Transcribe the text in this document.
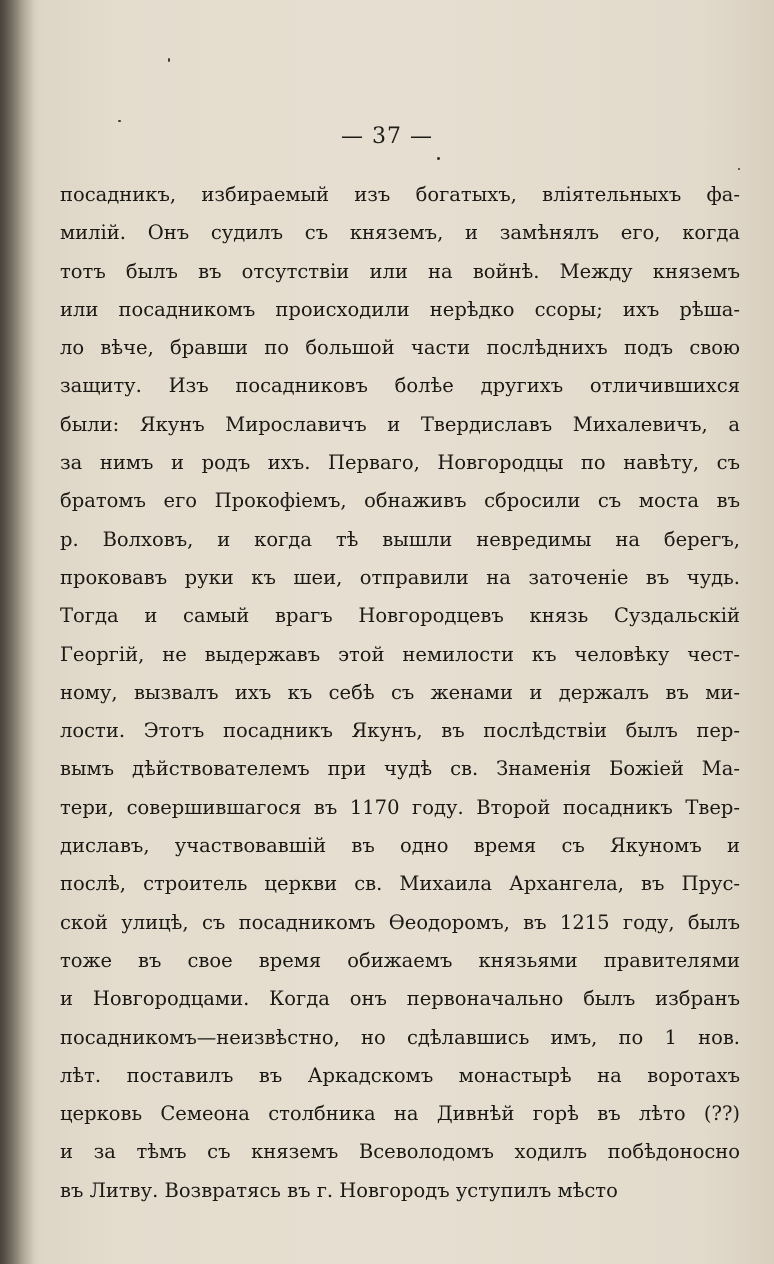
— 37 —
посадникъ, избираемый изъ богатыхъ, вліятельныхъ фа-
милій. Онъ судилъ съ княземъ, и замѣнялъ его, когда
тотъ былъ въ отсутствіи или на войнѣ. Между княземъ
или посадникомъ происходили нерѣдко ссоры; ихъ рѣша-
ло вѣче, бравши по большой части послѣднихъ подъ свою
защиту. Изъ посадниковъ болѣе другихъ отличившихся
были: Якунъ Мирославичъ и Твердиславъ Михалевичъ, а
за нимъ и родъ ихъ. Перваго, Новгородцы по навѣту, съ
братомъ его Прокофіемъ, обнаживъ сбросили съ моста въ
р. Волховъ, и когда тѣ вышли невредимы на берегъ,
проковавъ руки къ шеи, отправили на заточеніе въ чудь.
Тогда и самый врагъ Новгородцевъ князь Суздальскій
Георгій, не выдержавъ этой немилости къ человѣку чест-
ному, вызвалъ ихъ къ себѣ съ женами и держалъ въ ми-
лости. Этотъ посадникъ Якунъ, въ послѣдствіи былъ пер-
вымъ дѣйствователемъ при чудѣ св. Знаменія Божіей Ма-
тери, совершившагося въ 1170 году. Второй посадникъ Твер-
диславъ, участвовавшій въ одно время съ Якуномъ и
послѣ, строитель церкви св. Михаила Архангела, въ Прус-
ской улицѣ, съ посадникомъ Ѳеодоромъ, въ 1215 году, былъ
тоже въ свое время обижаемъ князьями правителями
и Новгородцами. Когда онъ первоначально былъ избранъ
посадникомъ—неизвѣстно, но сдѣлавшись имъ, по 1 нов.
лѣт. поставилъ въ Аркадскомъ монастырѣ на воротахъ
церковь Семеона столбника на Дивнѣй горѣ въ лѣто (??)
и за тѣмъ съ княземъ Всеволодомъ ходилъ побѣдоносно
въ Литву. Возвратясь въ г. Новгородъ уступилъ мѣсто
